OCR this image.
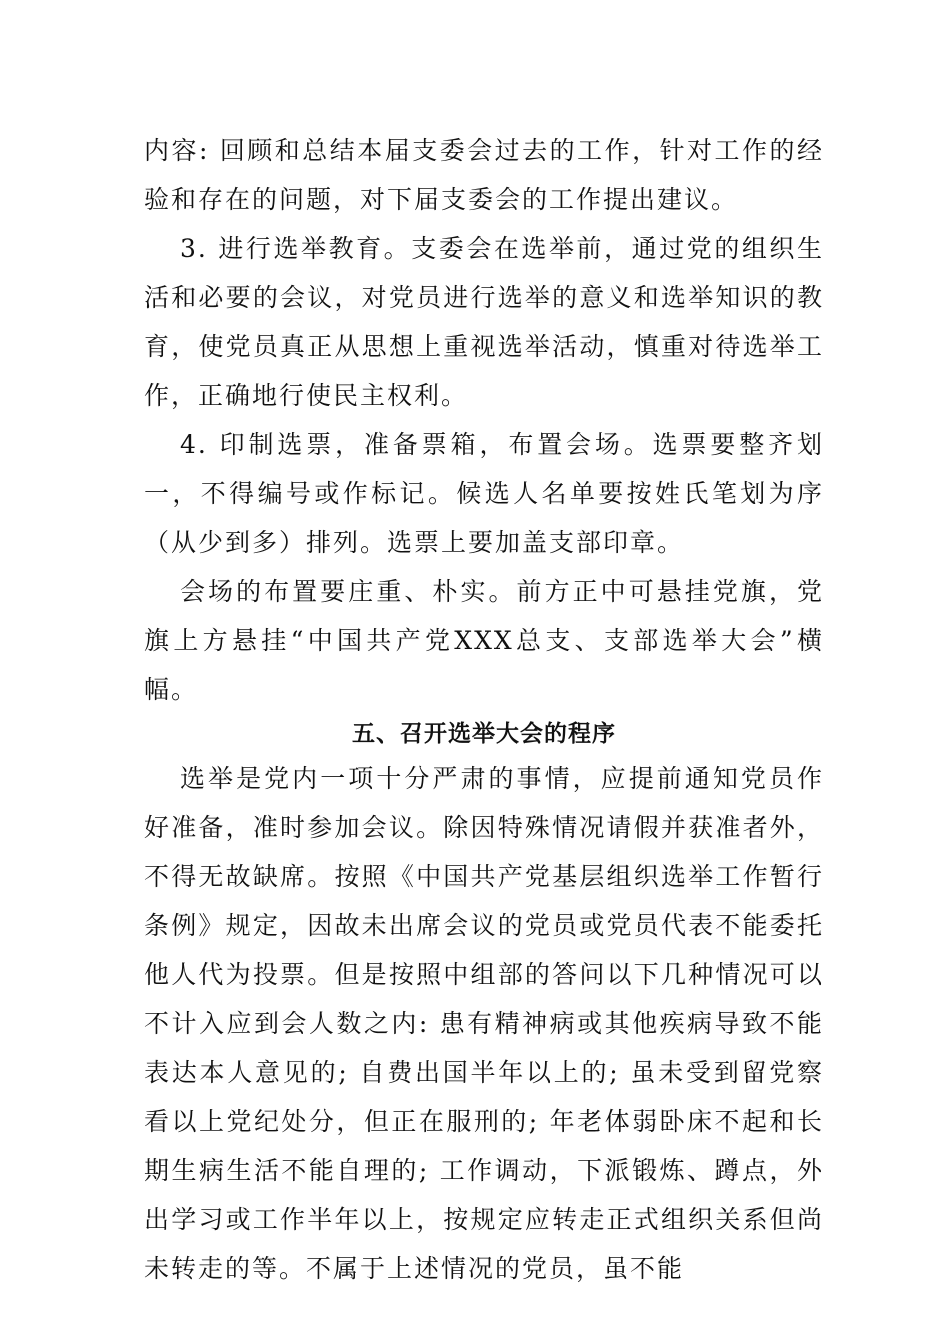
内容: 回顾和总结本届支委会过去的工作，针对工作的经验和存在的问题，对下届支委会的工作提出建议。

3. 进行选举教育。支委会在选举前，通过党的组织生活和必要的会议，对党员进行选举的意义和选举知识的教育，使党员真正从思想上重视选举活动，慎重对待选举工作，正确地行使民主权利。

4. 印制选票，准备票箱，布置会场。选票要整齐划一，不得编号或作标记。候选人名单要按姓氏笔划为序（从少到多）排列。选票上要加盖支部印章。

会场的布置要庄重、朴实。前方正中可悬挂党旗，党旗上方悬挂“中国共产党XXX总支、支部选举大会”横幅。

五、召开选举大会的程序

选举是党内一项十分严肃的事情，应提前通知党员作好准备，准时参加会议。除因特殊情况请假并获准者外，不得无故缺席。按照《中国共产党基层组织选举工作暂行条例》规定，因故未出席会议的党员或党员代表不能委托他人代为投票。但是按照中组部的答问以下几种情况可以不计入应到会人数之内: 患有精神病或其他疾病导致不能表达本人意见的; 自费出国半年以上的; 虽未受到留党察看以上党纪处分，但正在服刑的; 年老体弱卧床不起和长期生病生活不能自理的; 工作调动，下派锻炼、蹲点，外出学习或工作半年以上，按规定应转走正式组织关系但尚未转走的等。不属于上述情况的党员，虽不能
